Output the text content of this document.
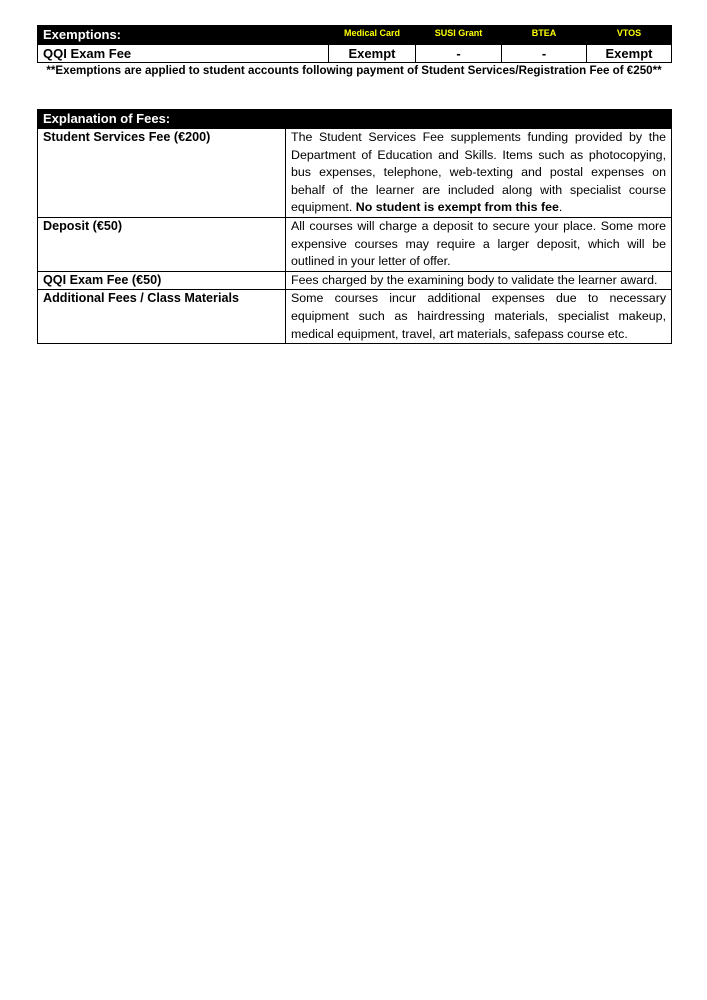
Exemptions:	Medical Card	SUSI Grant	BTEA	VTOS
QQI Exam Fee	Exempt	-	-	Exempt
**Exemptions are applied to student accounts following payment of Student Services/Registration Fee of €250**
Explanation of Fees:	
Student Services Fee (€200)	The Student Services Fee supplements funding provided by the Department of Education and Skills. Items such as photocopying, bus expenses, telephone, web-texting and postal expenses on behalf of the learner are included along with specialist course equipment. No student is exempt from this fee.
Deposit (€50)	All courses will charge a deposit to secure your place. Some more expensive courses may require a larger deposit, which will be outlined in your letter of offer.
QQI Exam Fee (€50)	Fees charged by the examining body to validate the learner award.
Additional Fees / Class Materials	Some courses incur additional expenses due to necessary equipment such as hairdressing materials, specialist makeup, medical equipment, travel, art materials, safepass course etc.
